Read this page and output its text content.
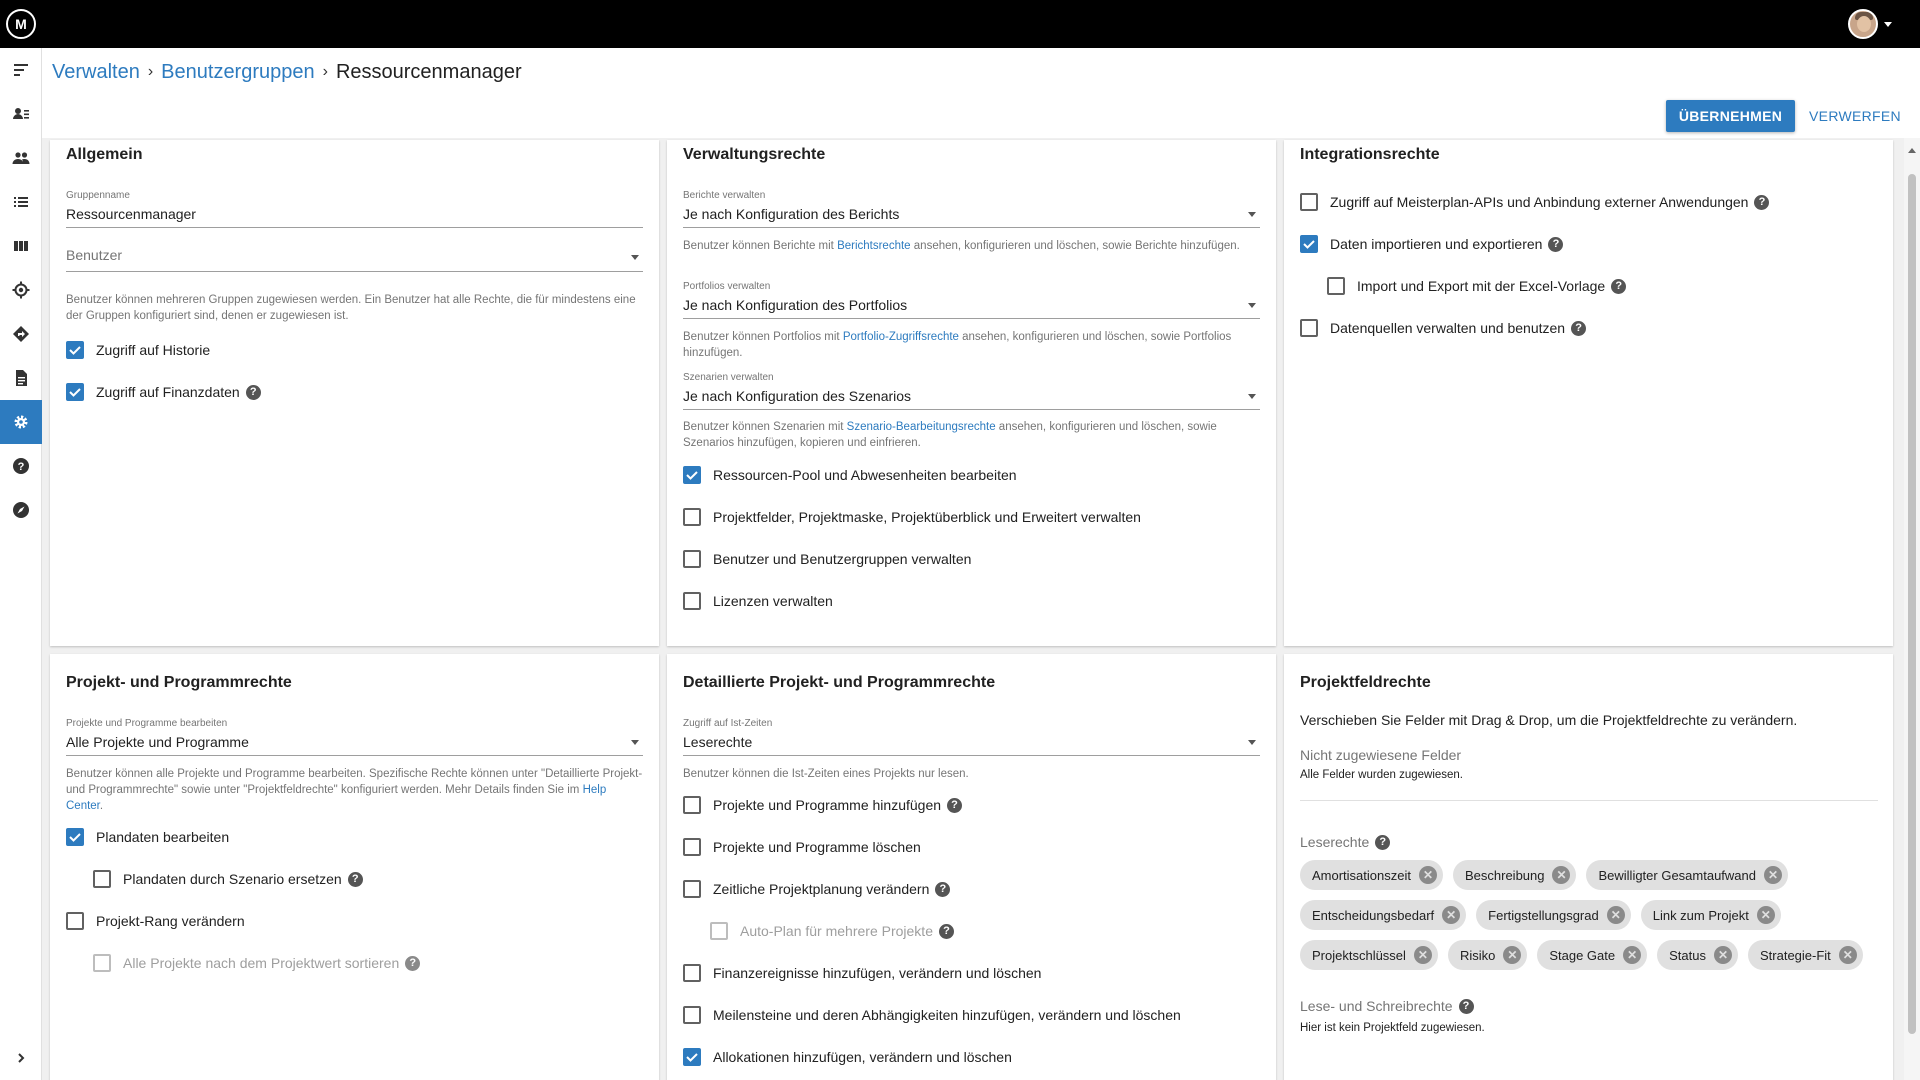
M
?
Verwalten › Benutzergruppen › Ressourcenmanager
ÜBERNEHMEN	VERWERFEN
Allgemein
Gruppenname
Ressourcenmanager
Benutzer
Benutzer können mehreren Gruppen zugewiesen werden. Ein Benutzer hat alle Rechte, die für mindestens eine der Gruppen konfiguriert sind, denen er zugewiesen ist.
Zugriff auf Historie
Zugriff auf Finanzdaten ?
Verwaltungsrechte
Berichte verwalten
Je nach Konfiguration des Berichts
Benutzer können Berichte mit Berichtsrechte ansehen, konfigurieren und löschen, sowie Berichte hinzufügen.
Portfolios verwalten
Je nach Konfiguration des Portfolios
Benutzer können Portfolios mit Portfolio-Zugriffsrechte ansehen, konfigurieren und löschen, sowie Portfolios hinzufügen.
Szenarien verwalten
Je nach Konfiguration des Szenarios
Benutzer können Szenarien mit Szenario-Bearbeitungsrechte ansehen, konfigurieren und löschen, sowie Szenarios hinzufügen, kopieren und einfrieren.
Ressourcen-Pool und Abwesenheiten bearbeiten
Projektfelder, Projektmaske, Projektüberblick und Erweitert verwalten
Benutzer und Benutzergruppen verwalten
Lizenzen verwalten
Integrationsrechte
Zugriff auf Meisterplan-APIs und Anbindung externer Anwendungen ?
Daten importieren und exportieren ?
Import und Export mit der Excel-Vorlage ?
Datenquellen verwalten und benutzen ?
Projekt- und Programmrechte
Projekte und Programme bearbeiten
Alle Projekte und Programme
Benutzer können alle Projekte und Programme bearbeiten. Spezifische Rechte können unter "Detaillierte Projekt- und Programmrechte" sowie unter "Projektfeldrechte" konfiguriert werden. Mehr Details finden Sie im Help Center.
Plandaten bearbeiten
Plandaten durch Szenario ersetzen ?
Projekt-Rang verändern
Alle Projekte nach dem Projektwert sortieren ?
Detaillierte Projekt- und Programmrechte
Zugriff auf Ist-Zeiten
Leserechte
Benutzer können die Ist-Zeiten eines Projekts nur lesen.
Projekte und Programme hinzufügen ?
Projekte und Programme löschen
Zeitliche Projektplanung verändern ?
Auto-Plan für mehrere Projekte ?
Finanzereignisse hinzufügen, verändern und löschen
Meilensteine und deren Abhängigkeiten hinzufügen, verändern und löschen
Allokationen hinzufügen, verändern und löschen
Projektfeldrechte
Verschieben Sie Felder mit Drag & Drop, um die Projektfeldrechte zu verändern.
Nicht zugewiesene Felder
Alle Felder wurden zugewiesen.
Leserechte ?
Amortisationszeit ✕	Beschreibung ✕	Bewilligter Gesamtaufwand ✕
Entscheidungsbedarf ✕	Fertigstellungsgrad ✕	Link zum Projekt ✕
Projektschlüssel ✕	Risiko ✕	Stage Gate ✕	Status ✕	Strategie-Fit ✕
Lese- und Schreibrechte ?
Hier ist kein Projektfeld zugewiesen.
